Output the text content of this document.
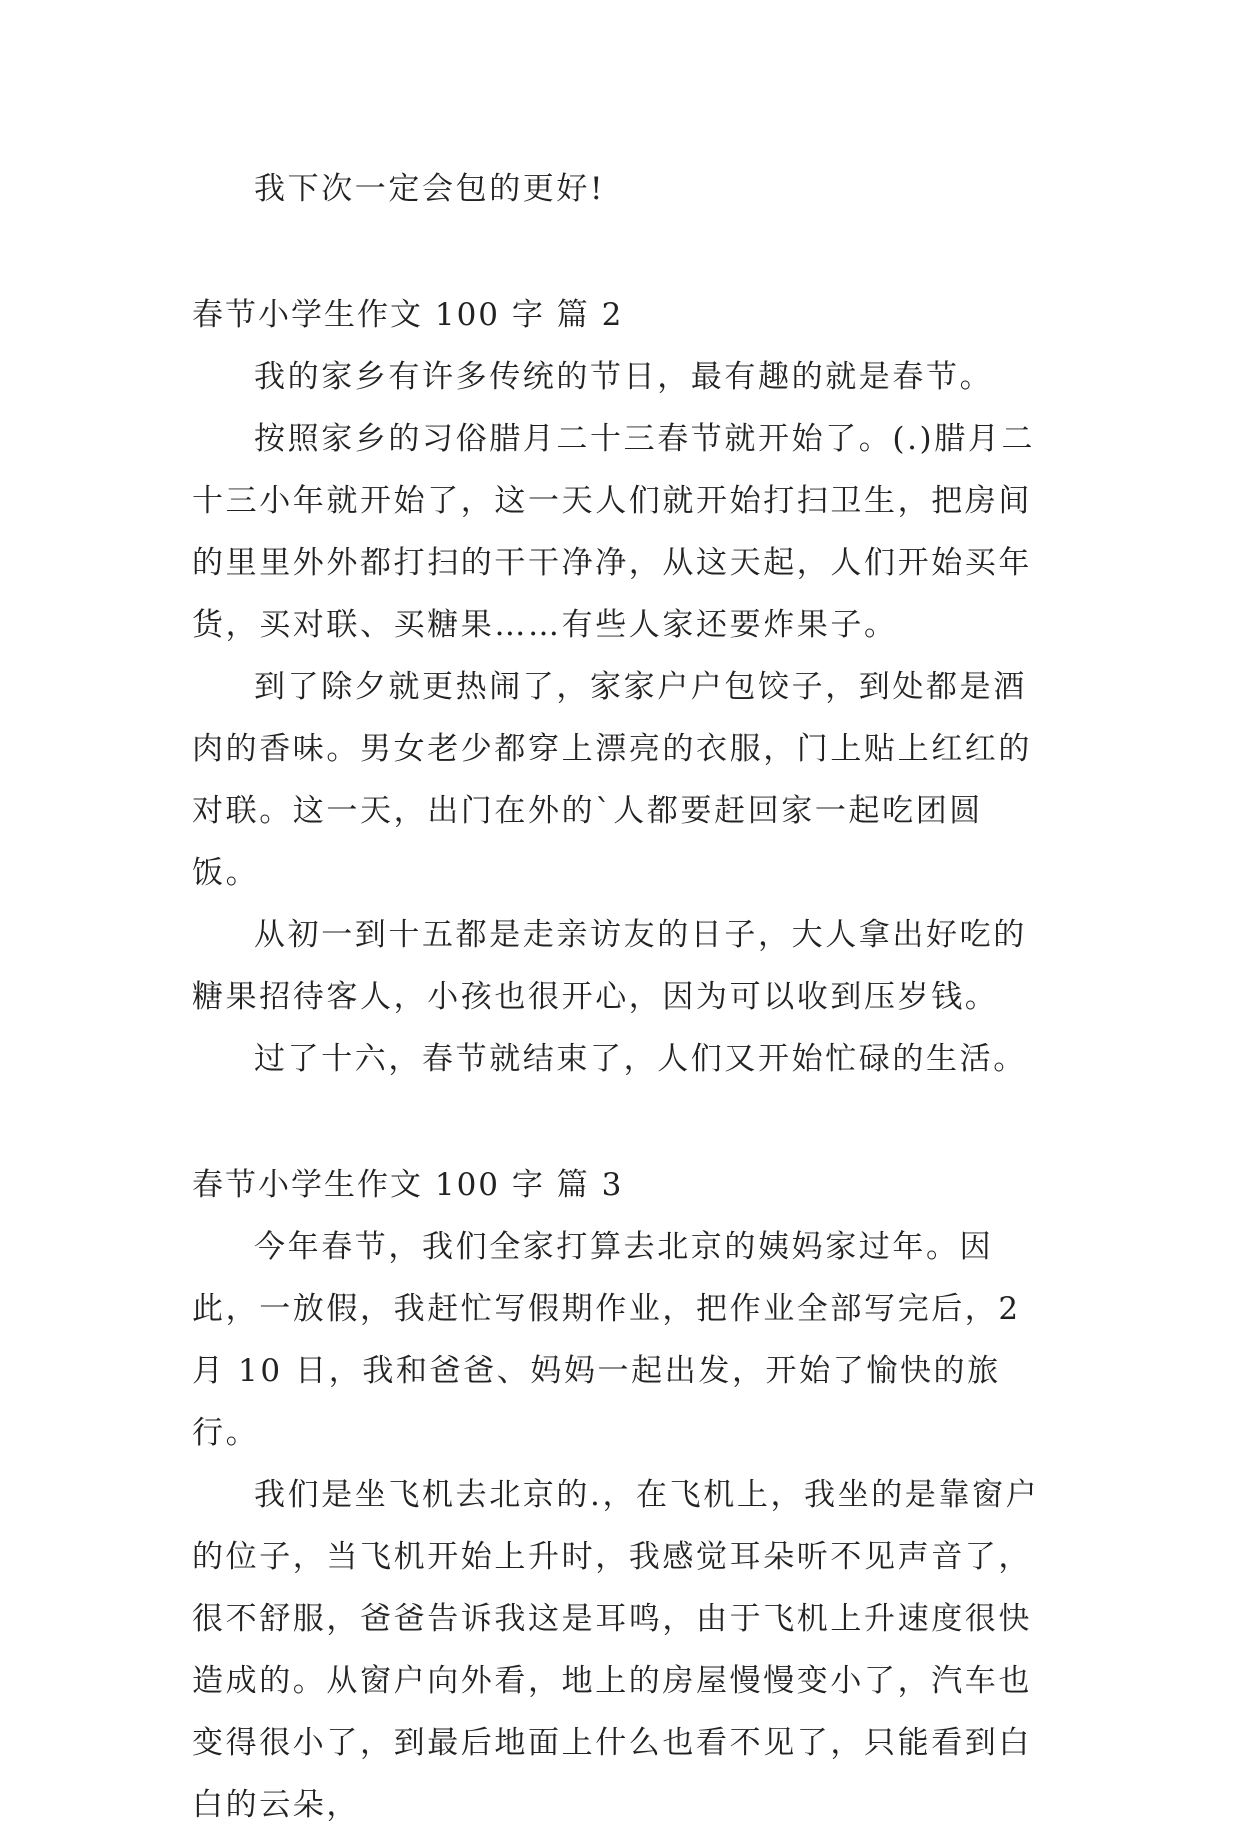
我下次一定会包的更好!

春节小学生作文 100 字 篇 2

我的家乡有许多传统的节日，最有趣的就是春节。

按照家乡的习俗腊月二十三春节就开始了。(.)腊月二十三小年就开始了，这一天人们就开始打扫卫生，把房间的里里外外都打扫的干干净净，从这天起，人们开始买年货，买对联、买糖果……有些人家还要炸果子。

到了除夕就更热闹了，家家户户包饺子，到处都是酒肉的香味。男女老少都穿上漂亮的衣服，门上贴上红红的对联。这一天，出门在外的`人都要赶回家一起吃团圆饭。

从初一到十五都是走亲访友的日子，大人拿出好吃的糖果招待客人，小孩也很开心，因为可以收到压岁钱。

过了十六，春节就结束了，人们又开始忙碌的生活。

春节小学生作文 100 字 篇 3

今年春节，我们全家打算去北京的姨妈家过年。因此，一放假，我赶忙写假期作业，把作业全部写完后，2 月 10 日，我和爸爸、妈妈一起出发，开始了愉快的旅行。

我们是坐飞机去北京的.，在飞机上，我坐的是靠窗户的位子，当飞机开始上升时，我感觉耳朵听不见声音了，很不舒服，爸爸告诉我这是耳鸣，由于飞机上升速度很快造成的。从窗户向外看，地上的房屋慢慢变小了，汽车也变得很小了，到最后地面上什么也看不见了，只能看到白白的云朵，
